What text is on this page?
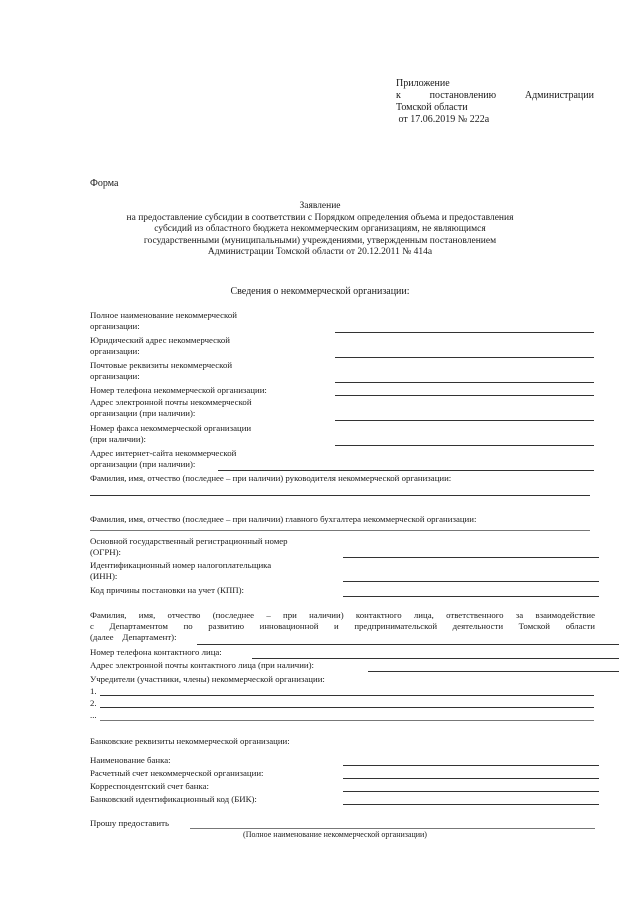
Приложение
к	постановлению	Администрации
Томской области
от 17.06.2019 № 222а
Форма
Заявление
на предоставление субсидии в соответствии с Порядком определения объема и предоставления
субсидий из областного бюджета некоммерческим организациям, не являющимся
государственными (муниципальными) учреждениями, утвержденным постановлением
Администрации Томской области от 20.12.2011 № 414а
Сведения о некоммерческой организации:
Полное наименование некоммерческой
организации:
Юридический адрес некоммерческой
организации:
Почтовые реквизиты некоммерческой
организации:
Номер телефона некоммерческой организации:
Адрес электронной почты некоммерческой
организации (при наличии):
Номер факса некоммерческой организации
(при наличии):
Адрес интернет-сайта некоммерческой
организации (при наличии):
Фамилия, имя, отчество (последнее – при наличии) руководителя некоммерческой организации:
Фамилия, имя, отчество (последнее – при наличии) главного бухгалтера некоммерческой организации:
Основной государственный регистрационный номер
(ОГРН):
Идентификационный номер налогоплательщика
(ИНН):
Код причины постановки на учет (КПП):
Фамилия, имя, отчество (последнее – при наличии) контактного лица, ответственного за взаимодействие
с Департаментом по развитию инновационной и предпринимательской деятельности Томской области
(далее    Департамент):
Номер телефона контактного лица:
Адрес электронной почты контактного лица (при наличии):
Учредители (участники, члены) некоммерческой организации:
1.
2.
...
Банковские реквизиты некоммерческой организации:
Наименование банка:
Расчетный счет некоммерческой организации:
Корреспондентский счет банка:
Банковский идентификационный код (БИК):
Прошу предоставить
(Полное наименование некоммерческой организации)
